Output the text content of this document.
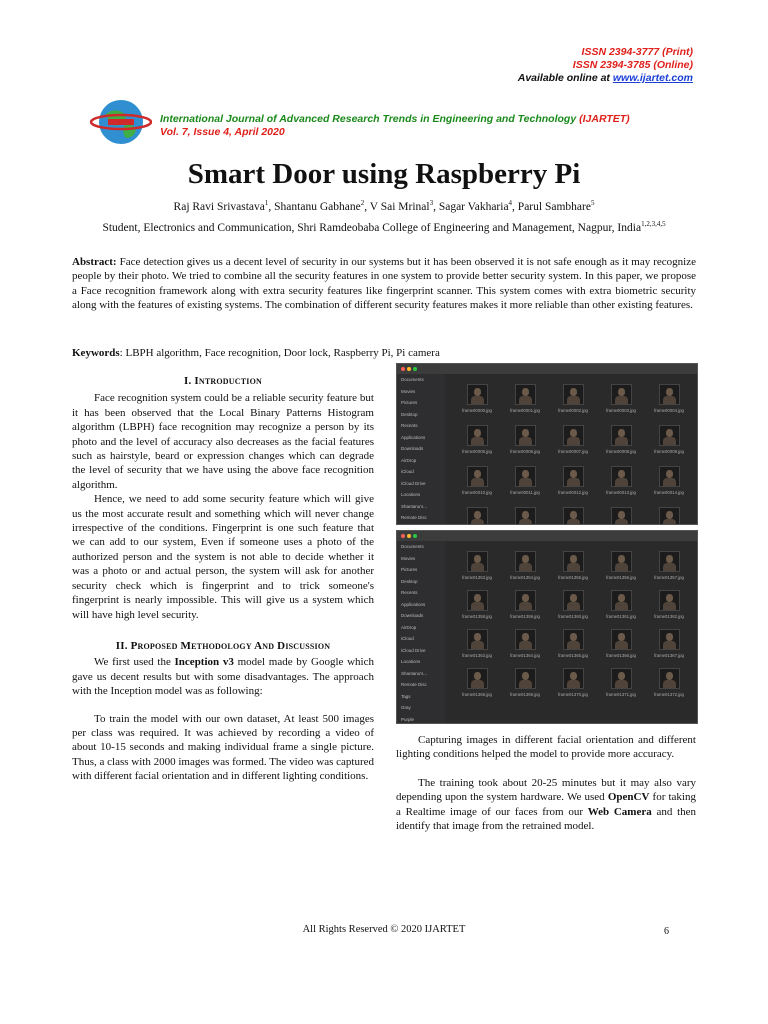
ISSN 2394-3777 (Print)
ISSN 2394-3785 (Online)
Available online at www.ijartet.com
International Journal of Advanced Research Trends in Engineering and Technology (IJARTET)
Vol. 7, Issue 4, April 2020
Smart Door using Raspberry Pi
Raj Ravi Srivastava$^1$, Shantanu Gabhane$^2$, V Sai Mrinal$^3$, Sagar Vakharia$^4$, Parul Sambhare$^5$
Student, Electronics and Communication, Shri Ramdeobaba College of Engineering and Management, Nagpur, India$^{1,2,3,4,5}$
Abstract: Face detection gives us a decent level of security in our systems but it has been observed it is not safe enough as it may recognize people by their photo. We tried to combine all the security features in one system to provide better security system. In this paper, we propose a Face recognition framework along with extra security features like fingerprint scanner. This system comes with extra biometric security along with the features of existing systems. The combination of different security features makes it more reliable than other existing features.
Keywords: LBPH algorithm, Face recognition, Door lock, Raspberry Pi, Pi camera
I. Introduction

Face recognition system could be a reliable security feature but it has been observed that the Local Binary Patterns Histogram algorithm (LBPH) face recognition may recognize a person by its photo and the level of accuracy also decreases as the facial features such as hairstyle, beard or expression changes which can degrade the level of security that we have using the above face recognition algorithm.

Hence, we need to add some security feature which will give us the most accurate result and something which will never change irrespective of the conditions. Fingerprint is one such feature that we can add to our system, Even if someone uses a photo of the authorized person and the system is not able to decide whether it was a photo or and actual person, the system will ask for another security check which is fingerprint and to trick someone's fingerprint is nearly impossible. This will give us a system which will have high level security.

II. Proposed Methodology And Discussion

We first used the Inception v3 model made by Google which gave us decent results but with some disadvantages. The approach with the Inception model was as following:

To train the model with our own dataset, At least 500 images per class was required. It was achieved by recording a video of about 10-15 seconds and making individual frame a single picture. Thus, a class with 2000 images was formed. The video was captured with different facial orientation and in different lighting conditions.

Documents
Movies
Pictures
Desktop
Recents
Applications
Downloads
AirDrop
iCloud
iCloud Drive
Locations
Shantanu's...
Remote Disc
frame00000.jpg	frame00001.jpg	frame00002.jpg	frame00003.jpg	frame00004.jpg
frame00005.jpg	frame00006.jpg	frame00007.jpg	frame00008.jpg	frame00009.jpg
frame00010.jpg	frame00011.jpg	frame00012.jpg	frame00013.jpg	frame00014.jpg
Documents
Movies
Pictures
Desktop
Recents
Applications
Downloads
AirDrop
iCloud
iCloud Drive
Locations
Shantanu's...
Remote Disc
Tags
Gray
Purple
frame01353.jpg	frame01354.jpg	frame01355.jpg	frame01356.jpg	frame01357.jpg
frame01358.jpg	frame01359.jpg	frame01360.jpg	frame01361.jpg	frame01362.jpg
frame01363.jpg	frame01364.jpg	frame01365.jpg	frame01366.jpg	frame01367.jpg
frame01368.jpg	frame01369.jpg	frame01370.jpg	frame01371.jpg	frame01372.jpg

Capturing images in different facial orientation and different lighting conditions helped the model to provide more accuracy.

The training took about 20-25 minutes but it may also vary depending upon the system hardware. We used OpenCV for taking a Realtime image of our faces from our Web Camera and then identify that image from the retrained model.

All Rights Reserved © 2020 IJARTET	6
